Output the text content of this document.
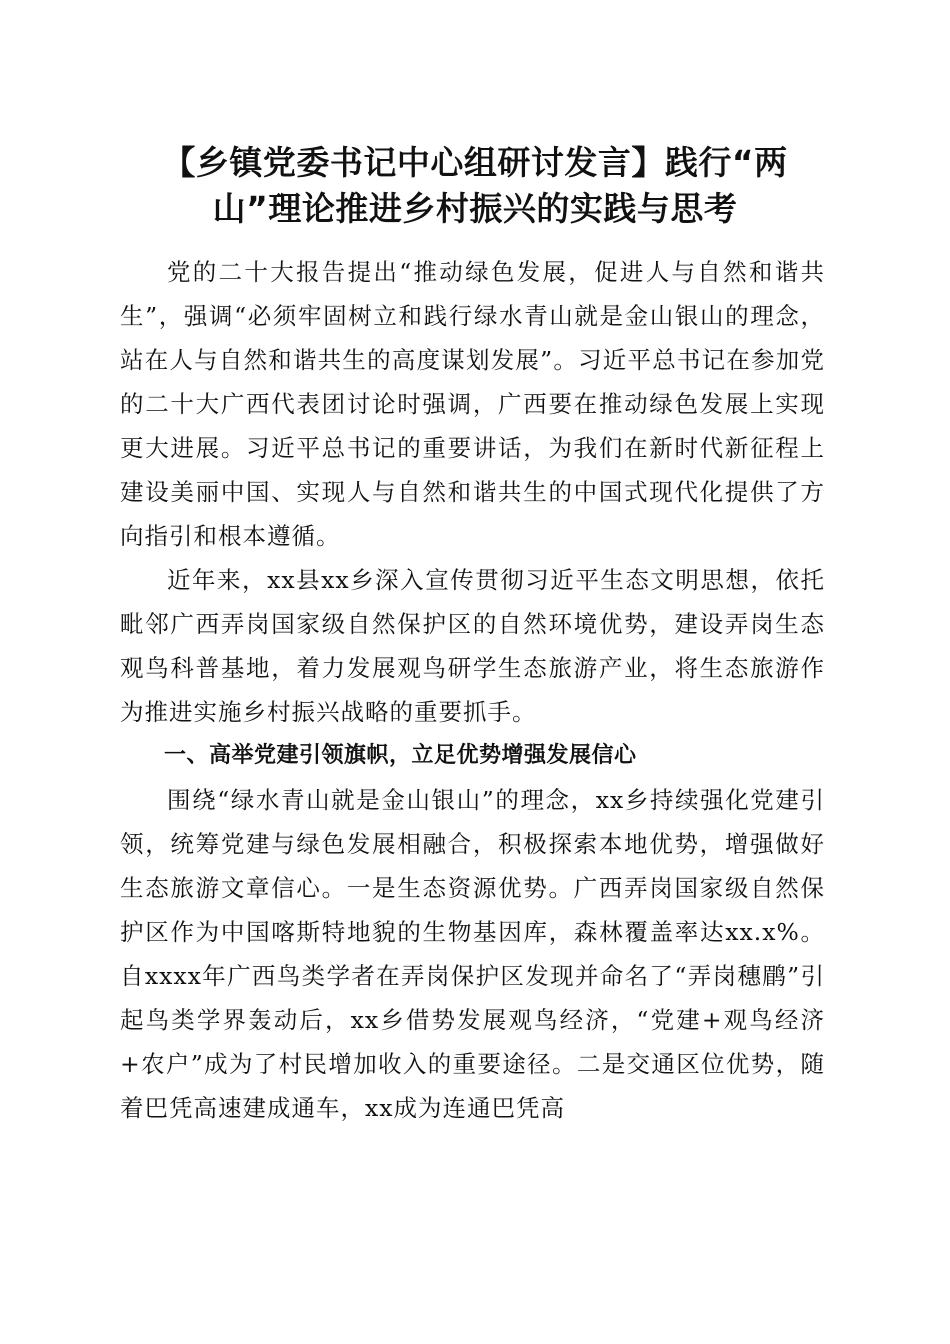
【乡镇党委书记中心组研讨发言】践行“两山”理论推进乡村振兴的实践与思考

党的二十大报告提出“推动绿色发展，促进人与自然和谐共生”，强调“必须牢固树立和践行绿水青山就是金山银山的理念，站在人与自然和谐共生的高度谋划发展”。习近平总书记在参加党的二十大广西代表团讨论时强调，广西要在推动绿色发展上实现更大进展。习近平总书记的重要讲话，为我们在新时代新征程上建设美丽中国、实现人与自然和谐共生的中国式现代化提供了方向指引和根本遵循。

近年来，xx县xx乡深入宣传贯彻习近平生态文明思想，依托毗邻广西弄岗国家级自然保护区的自然环境优势，建设弄岗生态观鸟科普基地，着力发展观鸟研学生态旅游产业，将生态旅游作为推进实施乡村振兴战略的重要抓手。

一、高举党建引领旗帜，立足优势增强发展信心

围绕“绿水青山就是金山银山”的理念，xx乡持续强化党建引领，统筹党建与绿色发展相融合，积极探索本地优势，增强做好生态旅游文章信心。一是生态资源优势。广西弄岗国家级自然保护区作为中国喀斯特地貌的生物基因库，森林覆盖率达xx.x%。自xxxx年广西鸟类学者在弄岗保护区发现并命名了“弄岗穗鹛”引起鸟类学界轰动后，xx乡借势发展观鸟经济，“党建+观鸟经济+农户”成为了村民增加收入的重要途径。二是交通区位优势，随着巴凭高速建成通车，xx成为连通巴凭高
